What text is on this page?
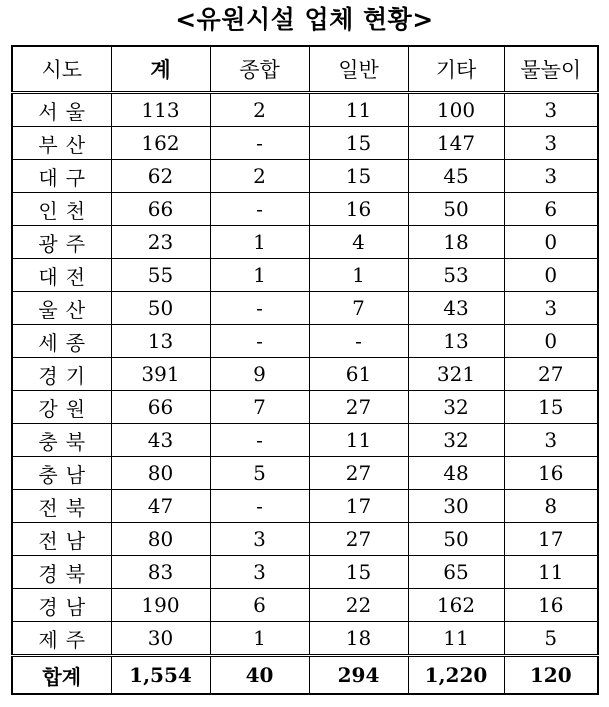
<유원시설 업체 현황>
시도	계	종합	일반	기타	물놀이
서울	113	2	11	100	3
부산	162	-	15	147	3
대구	62	2	15	45	3
인천	66	-	16	50	6
광주	23	1	4	18	0
대전	55	1	1	53	0
울산	50	-	7	43	3
세종	13	-	-	13	0
경기	391	9	61	321	27
강원	66	7	27	32	15
충북	43	-	11	32	3
충남	80	5	27	48	16
전북	47	-	17	30	8
전남	80	3	27	50	17
경북	83	3	15	65	11
경남	190	6	22	162	16
제주	30	1	18	11	5
합계	1,554	40	294	1,220	120
